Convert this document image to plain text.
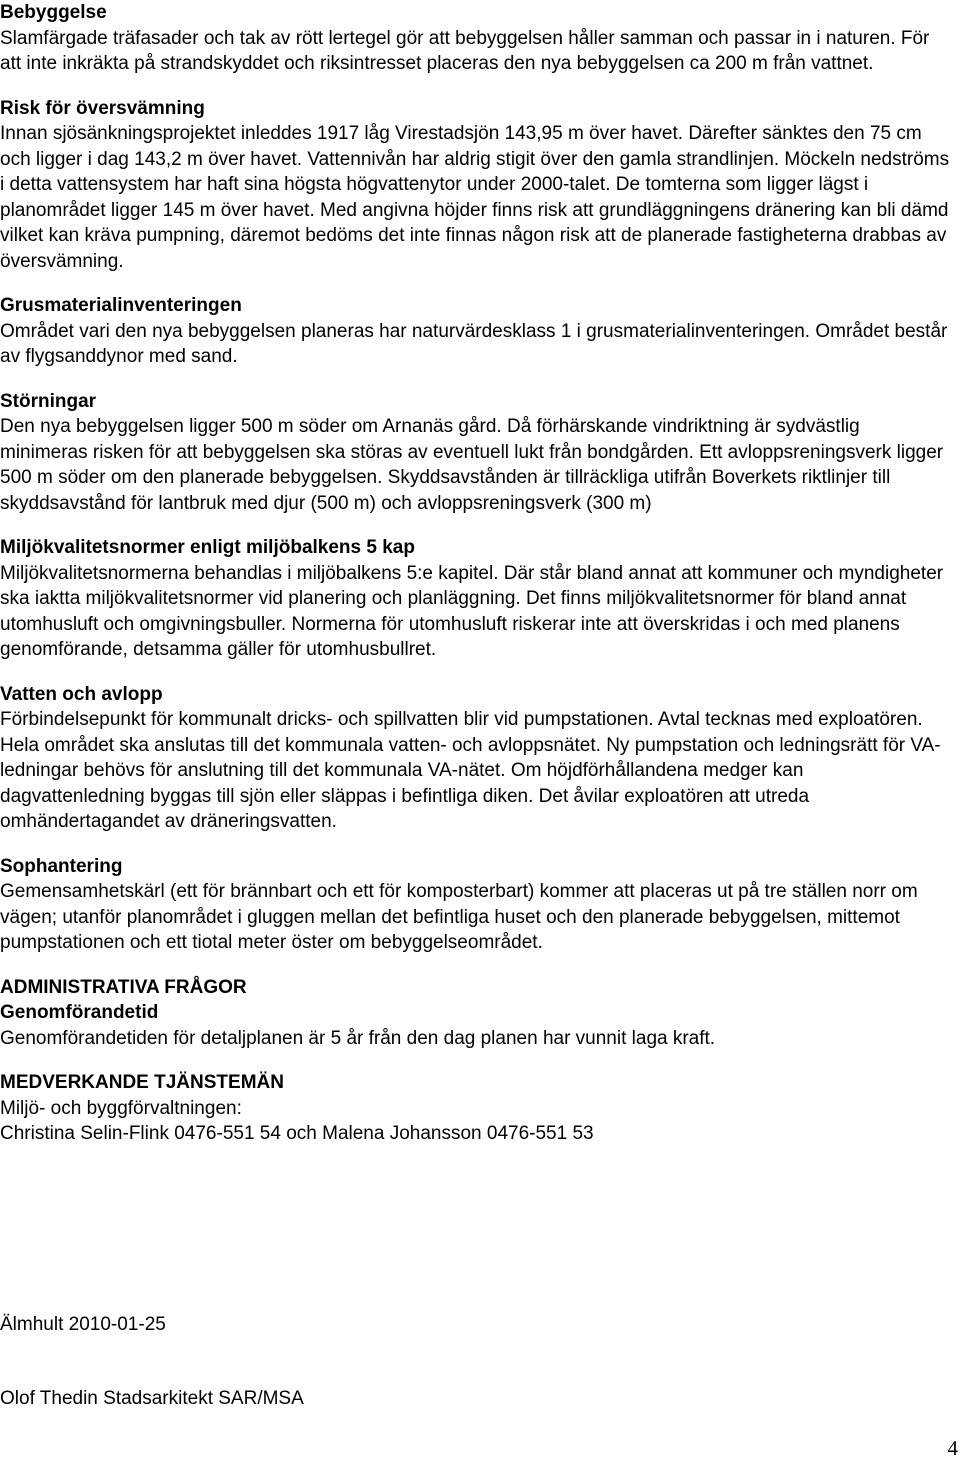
Bebyggelse
Slamfärgade träfasader och tak av rött lertegel gör att bebyggelsen håller samman och passar in i naturen. För att inte inkräkta på strandskyddet och riksintresset placeras den nya bebyggelsen ca 200 m från vattnet.
Risk för översvämning
Innan sjösänkningsprojektet inleddes 1917 låg Virestadsjön 143,95 m över havet. Därefter sänktes den 75 cm och ligger i dag 143,2 m över havet. Vattennivån har aldrig stigit över den gamla strandlinjen. Möckeln nedströms i detta vattensystem har haft sina högsta högvattenytor under 2000-talet. De tomterna som ligger lägst i planområdet ligger 145 m över havet. Med angivna höjder finns risk att grundläggningens dränering kan bli dämd vilket kan kräva pumpning, däremot bedöms det inte finnas någon risk att de planerade fastigheterna drabbas av översvämning.
Grusmaterialinventeringen
Området vari den nya bebyggelsen planeras har naturvärdesklass 1 i grusmaterialinventeringen. Området består av flygsanddynor med sand.
Störningar
Den nya bebyggelsen ligger 500 m söder om Arnanäs gård. Då förhärskande vindriktning är sydvästlig minimeras risken för att bebyggelsen ska störas av eventuell lukt från bondgården. Ett avloppsreningsverk ligger 500 m söder om den planerade bebyggelsen. Skyddsavstånden är tillräckliga utifrån Boverkets riktlinjer till skyddsavstånd för lantbruk med djur (500 m) och avloppsreningsverk (300 m)
Miljökvalitetsnormer enligt miljöbalkens 5 kap
Miljökvalitetsnormerna behandlas i miljöbalkens 5:e kapitel. Där står bland annat att kommuner och myndigheter ska iaktta miljökvalitetsnormer vid planering och planläggning. Det finns miljökvalitetsnormer för bland annat utomhusluft och omgivningsbuller. Normerna för utomhusluft riskerar inte att överskridas i och med planens genomförande, detsamma gäller för utomhusbullret.
Vatten och avlopp
Förbindelsepunkt för kommunalt dricks- och spillvatten blir vid pumpstationen. Avtal tecknas med exploatören. Hela området ska anslutas till det kommunala vatten- och avloppsnätet. Ny pumpstation och ledningsrätt för VA-ledningar behövs för anslutning till det kommunala VA-nätet. Om höjdförhållandena medger kan dagvattenledning byggas till sjön eller släppas i befintliga diken. Det åvilar exploatören att utreda omhändertagandet av dräneringsvatten.
Sophantering
Gemensamhetskärl (ett för brännbart och ett för komposterbart) kommer att placeras ut på tre ställen norr om vägen; utanför planområdet i gluggen mellan det befintliga huset och den planerade bebyggelsen, mittemot pumpstationen och ett tiotal meter öster om bebyggelseområdet.
ADMINISTRATIVA FRÅGOR
Genomförandetid
Genomförandetiden för detaljplanen är 5 år från den dag planen har vunnit laga kraft.
MEDVERKANDE TJÄNSTEMÄN
Miljö- och byggförvaltningen:
Christina Selin-Flink 0476-551 54 och Malena Johansson 0476-551 53
Älmhult 2010-01-25
Olof Thedin Stadsarkitekt SAR/MSA
4
